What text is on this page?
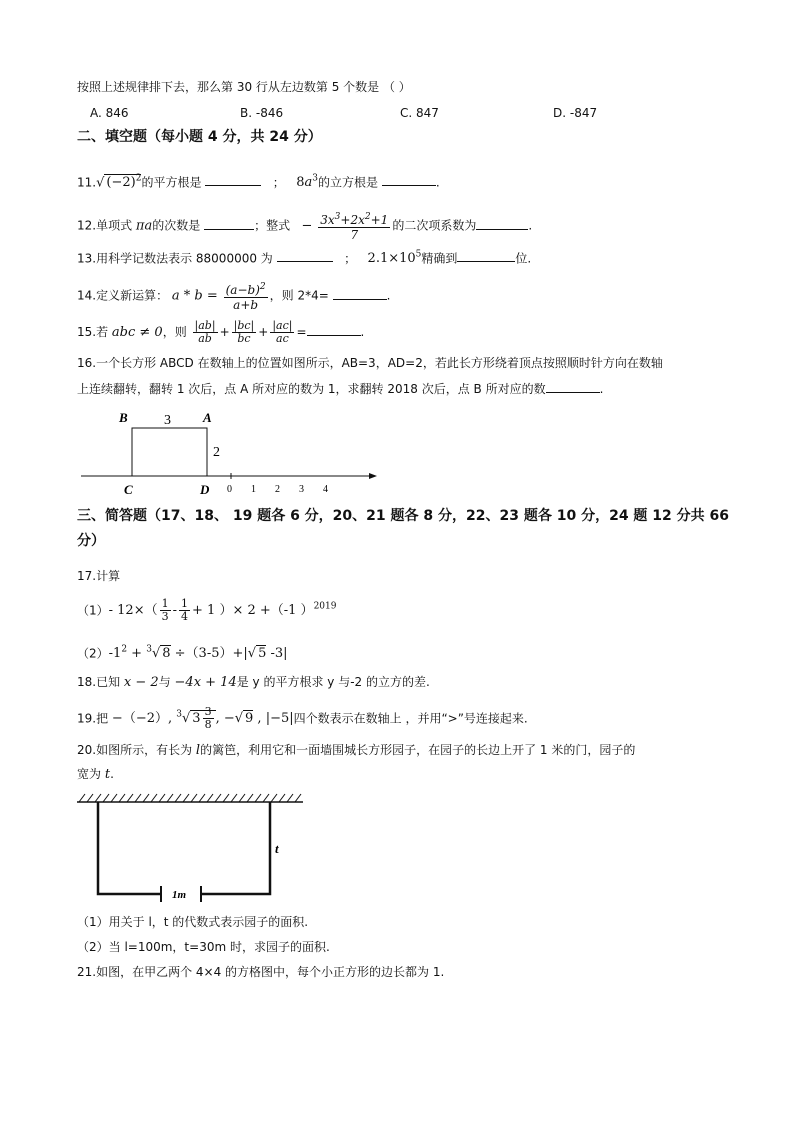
按照上述规律排下去，那么第 30 行从左边数第 5 个数是 （ ）
A. 846	B. -846	C. 847	D. -847
二、填空题（每小题 4 分，共 24 分）
11.√ $(-2)^2$的平方根是	； $8a^3$的立方根是	.
12.单项式 πa的次数是	；整式 − $\frac{3x^3+2x^2+1}{7}$ 的二次项系数为	.
13.用科学记数法表示 88000000 为	； $2.1\times 10^5$精确到	位.
14.定义新运算： $a * b = \frac{(a-b)^2}{a+b}$ ，则 2*4=	.
15.若 abc ≠ 0，则 $\frac{|ab|}{ab} + \frac{|bc|}{bc} + \frac{|ac|}{ac}$ =	.
16.一个长方形 ABCD 在数轴上的位置如图所示，AB=3，AD=2，若此长方形绕着顶点按照顺时针方向在数轴
上连续翻转，翻转 1 次后，点 A 所对应的数为 1，求翻转 2018 次后，点 B 所对应的数	.
B	A
3
2
C	D 0 1 2 3 4
三、简答题（17、18、 19 题各 6 分，20、21 题各 8 分，22、23 题各 10 分，24 题 12 分共 66
分）
17.计算
（1）- $12\times( \frac{1}{3} - \frac{1}{4} + 1$ ）× 2 +（-1 ）$^{2019}$
$(2)-1^2 + ^3√$ 8 ÷（3-5）+|√ 5 -3|
18.已知 x − 2与 −4x + 14是 y 的平方根求 y 与-2 的立方的差.
19.把 −（−2）, $^3$√ $3 \frac{3}{8}$ , −√ 9 , |−5|四个数表示在数轴上 ，并用“>”号连接起来.
20.如图所示，有长为 l的篱笆，利用它和一面墙围城长方形园子，在园子的长边上开了 1 米的门，园子的
宽为 t.
1m
t
（1）用关于 l，t 的代数式表示园子的面积.
（2）当 l=100m，t=30m 时，求园子的面积.
21.如图，在甲乙两个 4×4 的方格图中，每个小正方形的边长都为 1.
